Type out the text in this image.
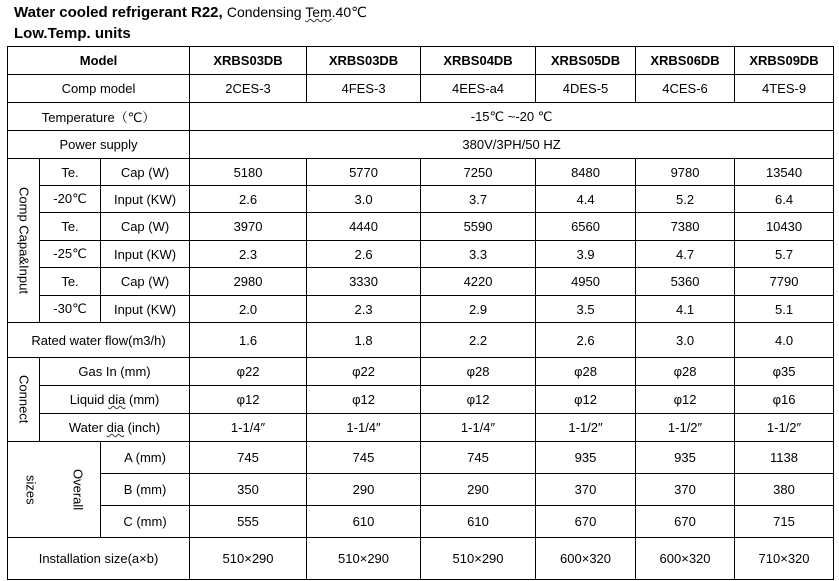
Water cooled refrigerant R22, Condensing Tem.40℃
Low.Temp. units
Model			XRBS03DB	XRBS03DB	XRBS04DB	XRBS05DB	XRBS06DB	XRBS09DB
Comp model			2CES-3	4FES-3	4EES-a4	4DES-5	4CES-6	4TES-9
Temperature（℃）			-15℃ ~-20 ℃					
Power supply			380V/3PH/50 HZ					

Comp Capa&Input	Te.	Cap (W)	5180	5770	7250	8480	9780	13540
	-20℃	Input (KW)	2.6	3.0	3.7	4.4	5.2	6.4
	Te.	Cap (W)	3970	4440	5590	6560	7380	10430
	-25℃	Input (KW)	2.3	2.6	3.3	3.9	4.7	5.7
	Te.	Cap (W)	2980	3330	4220	4950	5360	7790
	-30℃	Input (KW)	2.0	2.3	2.9	3.5	4.1	5.1
Rated water flow(m3/h)			1.6	1.8	2.2	2.6	3.0	4.0

Connect	Gas In (mm)		φ22	φ22	φ28	φ28	φ28	φ35
	Liquid dia (mm)		φ12	φ12	φ12	φ12	φ12	φ16
	Water dia (inch)		1-1/4″	1-1/4″	1-1/4″	1-1/2″	1-1/2″	1-1/2″

Overall
sizes		A (mm)	745	745	745	935	935	1138
		B (mm)	350	290	290	370	370	380
		C (mm)	555	610	610	670	670	715
Installation size(a×b)			510×290	510×290	510×290	600×320	600×320	710×320
